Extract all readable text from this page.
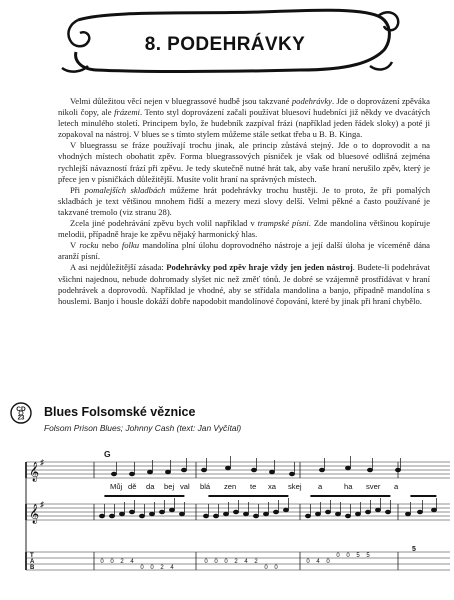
8. PODEHRÁVKY

Velmi důležitou věcí nejen v bluegrassové hudbě jsou takzvané podehrávky. Jde o doprovázení zpěváka nikoli čopy, ale frázemi. Tento styl doprovázení začali používat bluesoví hudebníci již někdy ve dvacátých letech minulého století. Principem bylo, že hudebník zazpíval frázi (například jeden řádek sloky) a poté ji zopakoval na nástroj. V blues se s tímto stylem můžeme stále setkat třeba u B. B. Kinga.

V bluegrassu se fráze používají trochu jinak, ale princip zůstává stejný. Jde o to doprovodit a na vhodných místech obohatit zpěv. Forma bluegrassových písniček je však od bluesové odlišná zejména rychlejší návazností frází při zpěvu. Je tedy skutečně nutné hrát tak, aby vaše hraní nerušilo zpěv, který je přece jen v písničkách důležitější. Musíte volit hraní na správných místech.

Při pomalejších skladbách můžeme hrát podehrávky trochu hustěji. Je to proto, že při pomalých skladbách je text většinou mnohem řidší a mezery mezi slovy delší. Velmi pěkné a často používané je takzvané tremolo (viz stranu 28).

Zcela jiné podehrávání zpěvu bych volil například v trampské písni. Zde mandolina většinou kopíruje melodii, případně hraje ke zpěvu nějaký harmonický hlas.

V rocku nebo folku mandolína plní úlohu doprovodného nástroje a její další úloha je víceméně dána aranží písní.

A asi nejdůležitější zásada: Podehrávky pod zpěv hraje vždy jen jeden nástroj. Budete-li podehrávat všichni najednou, nebude dohromady slyšet nic než změť tónů. Je dobré se vzájemně prostřídávat v hraní podehrávek a doprovodů. Například je vhodné, aby se střídala mandolina a banjo, případně mandolína s houslemi. Banjo i housle dokáží dobře napodobit mandolínové čopování, které by jinak při hraní chybělo.

CD
23 Blues Folsomské věznice
Folsom Prison Blues; Johnny Cash (text: Jan Vyčítal)
𝄞 ♯
𝄞 ♯
T
A
B
0 0 2 4
0 0 2 4
0 0 0 2 4 2
0 0
0 4 0
0 0 5 5
5
G
Můj dě da bej val blá zen te xa skej a	ha sver a
